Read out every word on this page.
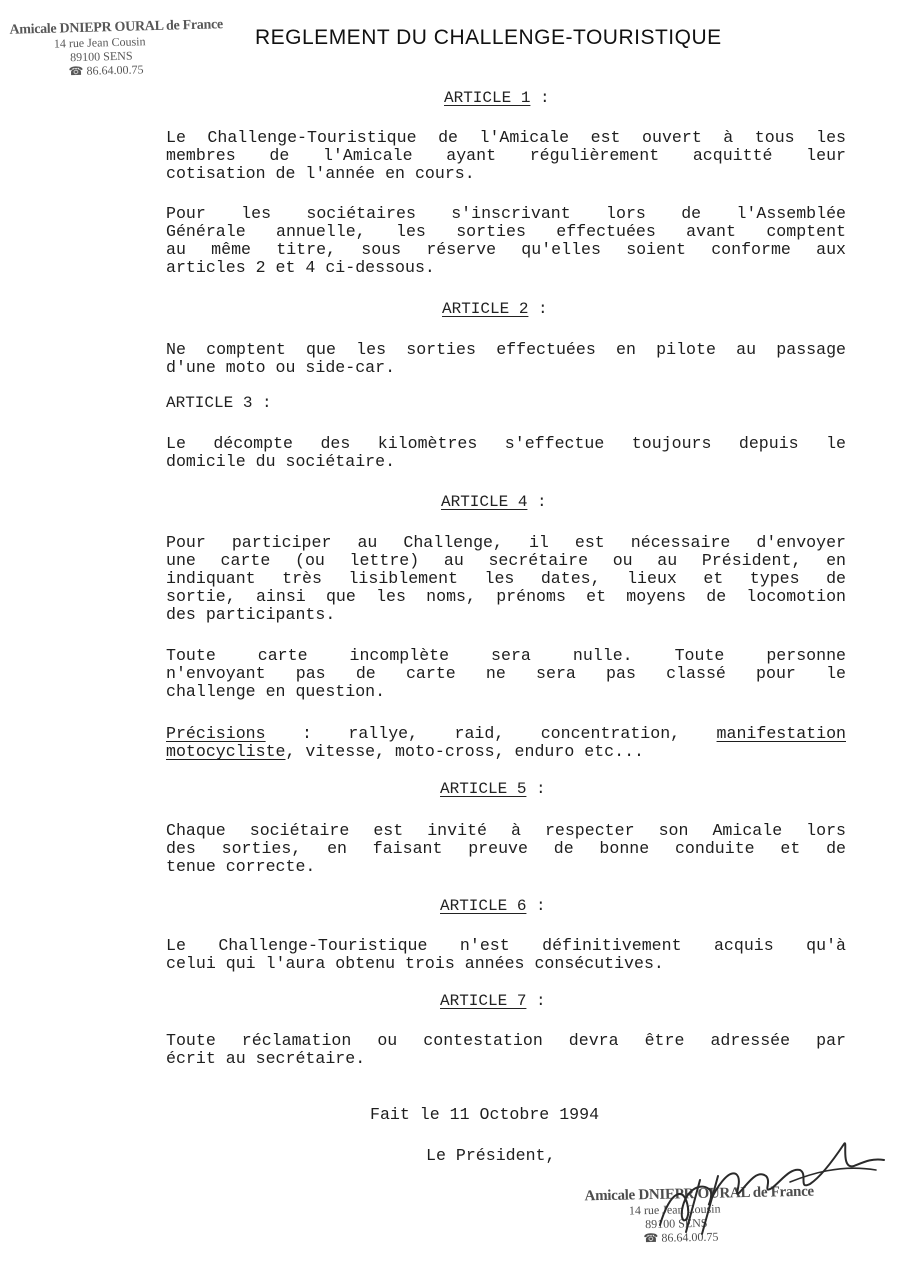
Amicale DNIEPR OURAL de France
14 rue Jean Cousin
89100 SENS
☎ 86.64.00.75
REGLEMENT DU CHALLENGE-TOURISTIQUE
ARTICLE 1 :
Le Challenge-Touristique de l'Amicale est ouvert à tous les
membres de l'Amicale ayant régulièrement acquitté leur
cotisation de l'année en cours.
Pour les sociétaires s'inscrivant lors de l'Assemblée
Générale annuelle, les sorties effectuées avant comptent
au même titre, sous réserve qu'elles soient conforme aux
articles 2 et 4 ci-dessous.
ARTICLE 2 :
Ne comptent que les sorties effectuées en pilote au passage
d'une moto ou side-car.
ARTICLE 3 :
Le décompte des kilomètres s'effectue toujours depuis le
domicile du sociétaire.
ARTICLE 4 :
Pour participer au Challenge, il est nécessaire d'envoyer
une carte (ou lettre) au secrétaire ou au Président, en
indiquant très lisiblement les dates, lieux et types de
sortie, ainsi que les noms, prénoms et moyens de locomotion
des participants.
Toute carte incomplète sera nulle. Toute personne
n'envoyant pas de carte ne sera pas classé pour le
challenge en question.
Précisions : rallye, raid, concentration, manifestation
motocycliste, vitesse, moto-cross, enduro etc...
ARTICLE 5 :
Chaque sociétaire est invité à respecter son Amicale lors
des sorties, en faisant preuve de bonne conduite et de
tenue correcte.
ARTICLE 6 :
Le Challenge-Touristique n'est définitivement acquis qu'à
celui qui l'aura obtenu trois années consécutives.
ARTICLE 7 :
Toute réclamation ou contestation devra être adressée par
écrit au secrétaire.
Fait le 11 Octobre 1994
Le Président,
Amicale DNIEPR OURAL de France
14 rue Jean Cousin
89100 SENS
☎ 86.64.00.75
